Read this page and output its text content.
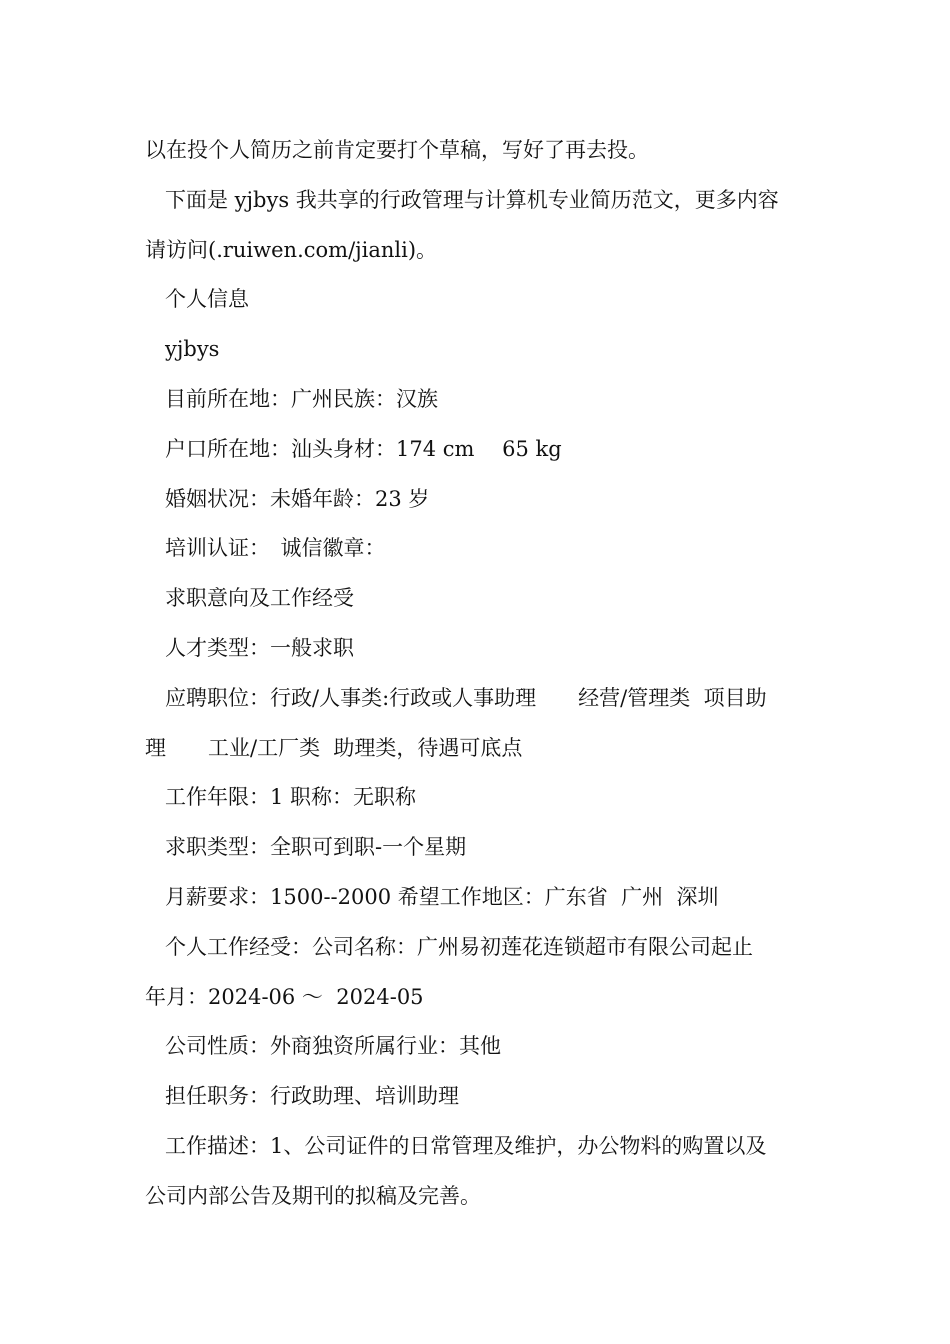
以在投个人简历之前肯定要打个草稿，写好了再去投。
下面是 yjbys 我共享的行政管理与计算机专业简历范文，更多内容
请访问(.ruiwen.com/jianli)。
个人信息
yjbys
目前所在地：广州民族：汉族
户口所在地：汕头身材：174 cm　 65 kg
婚姻状况：未婚年龄：23 岁
培训认证：　诚信徽章：
求职意向及工作经受
人才类型：一般求职
应聘职位：行政/人事类:行政或人事助理　　经营/管理类  项目助
理　　工业/工厂类  助理类，待遇可底点
工作年限：1 职称：无职称
求职类型：全职可到职-一个星期
月薪要求：1500--2000 希望工作地区：广东省  广州  深圳
个人工作经受：公司名称：广州易初莲花连锁超市有限公司起止
年月：2024-06 ～  2024-05
公司性质：外商独资所属行业：其他
担任职务：行政助理、培训助理
工作描述：1、公司证件的日常管理及维护，办公物料的购置以及
公司内部公告及期刊的拟稿及完善。
